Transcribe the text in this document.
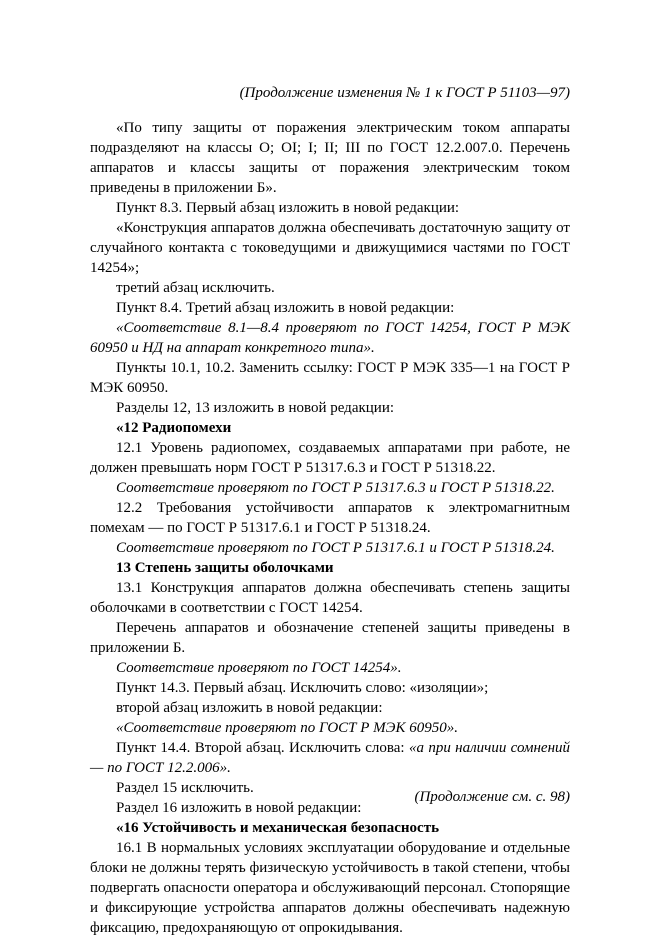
(Продолжение изменения № 1 к ГОСТ Р 51103—97)

«По типу защиты от поражения электрическим током аппараты подразделяют на классы О; ОI; I; II; III по ГОСТ 12.2.007.0. Перечень аппаратов и классы защиты от поражения электрическим током приведены в приложении Б».

Пункт 8.3. Первый абзац изложить в новой редакции:

«Конструкция аппаратов должна обеспечивать достаточную защиту от случайного контакта с токоведущими и движущимися частями по ГОСТ 14254»;

третий абзац исключить.

Пункт 8.4. Третий абзац изложить в новой редакции:

«Соответствие 8.1—8.4 проверяют по ГОСТ 14254, ГОСТ Р МЭК 60950 и НД на аппарат конкретного типа».

Пункты 10.1, 10.2. Заменить ссылку: ГОСТ Р МЭК 335—1 на ГОСТ Р МЭК 60950.

Разделы 12, 13 изложить в новой редакции:

«12 Радиопомехи

12.1 Уровень радиопомех, создаваемых аппаратами при работе, не должен превышать норм ГОСТ Р 51317.6.3 и ГОСТ Р 51318.22.

Соответствие проверяют по ГОСТ Р 51317.6.3 и ГОСТ Р 51318.22.

12.2 Требования устойчивости аппаратов к электромагнитным помехам — по ГОСТ Р 51317.6.1 и ГОСТ Р 51318.24.

Соответствие проверяют по ГОСТ Р 51317.6.1 и ГОСТ Р 51318.24.

13 Степень защиты оболочками

13.1 Конструкция аппаратов должна обеспечивать степень защиты оболочками в соответствии с ГОСТ 14254.

Перечень аппаратов и обозначение степеней защиты приведены в приложении Б.

Соответствие проверяют по ГОСТ 14254».

Пункт 14.3. Первый абзац. Исключить слово: «изоляции»;

второй абзац изложить в новой редакции:

«Соответствие проверяют по ГОСТ Р МЭК 60950».

Пункт 14.4. Второй абзац. Исключить слова: «а при наличии сомнений — по ГОСТ 12.2.006».

Раздел 15 исключить.

Раздел 16 изложить в новой редакции:

«16 Устойчивость и механическая безопасность

16.1 В нормальных условиях эксплуатации оборудование и отдельные блоки не должны терять физическую устойчивость в такой степени, чтобы подвергать опасности оператора и обслуживающий персонал. Стопорящие и фиксирующие устройства аппаратов должны обеспечивать надежную фиксацию, предохраняющую от опрокидывания.

(Продолжение см. с. 98)
